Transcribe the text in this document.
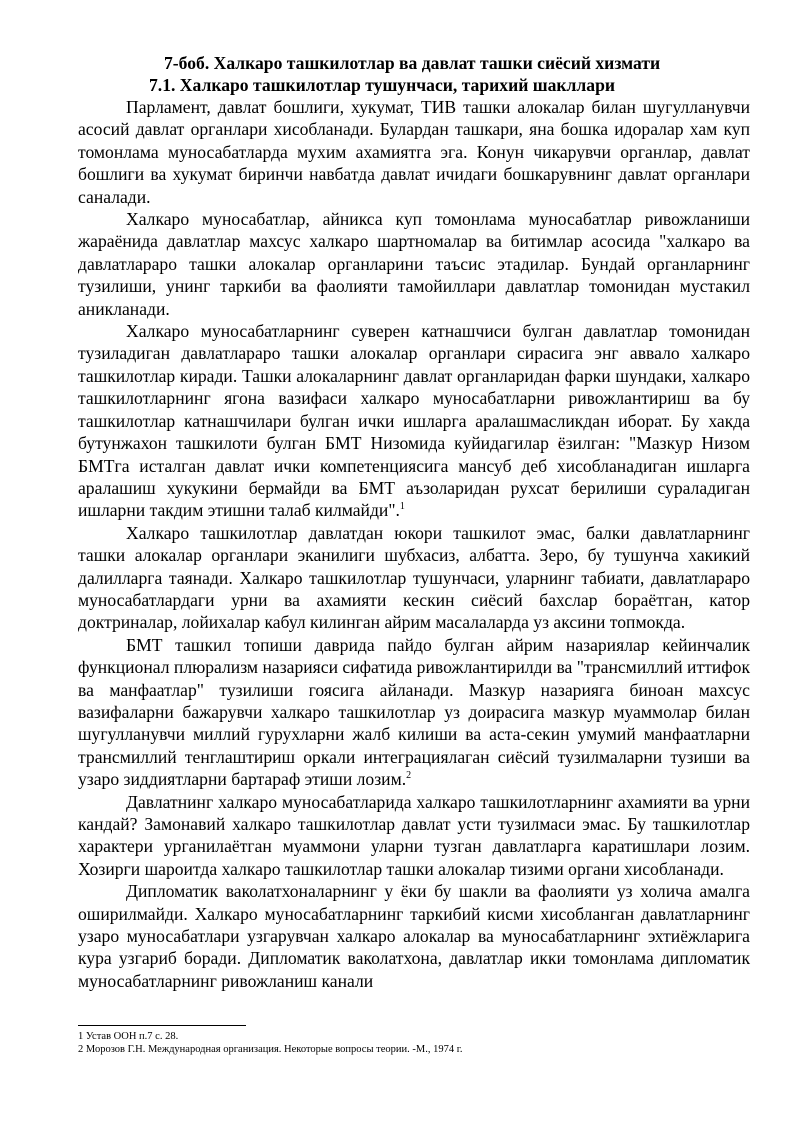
7-боб. Халкаро ташкилотлар ва давлат ташки сиёсий хизмати

7.1. Халкаро ташкилотлар тушунчаси, тарихий шакллари

Парламент, давлат бошлиги, хукумат, ТИВ ташки алокалар билан шугулланувчи асосий давлат органлари хисобланади. Булардан ташкари, яна бошка идоралар хам куп томонлама муносабатларда мухим ахамиятга эга. Конун чикарувчи органлар, давлат бошлиги ва хукумат биринчи навбатда давлат ичидаги бошкарувнинг давлат органлари саналади.

Халкаро муносабатлар, айникса куп томонлама муносабатлар ривожланиши жараёнида давлатлар махсус халкаро шартномалар ва битимлар асосида "халкаро ва давлатлараро ташки алокалар органларини таъсис этадилар. Бундай органларнинг тузилиши, унинг таркиби ва фаолияти тамойиллари давлатлар томонидан мустакил аникланади.

Халкаро муносабатларнинг суверен катнашчиси булган давлатлар томонидан тузиладиган давлатлараро ташки алокалар органлари сирасига энг аввало халкаро ташкилотлар киради. Ташки алокаларнинг давлат органларидан фарки шундаки, халкаро ташкилотларнинг ягона вазифаси халкаро муносабатларни ривожлантириш ва бу ташкилотлар катнашчилари булган ички ишларга аралашмасликдан иборат. Бу хакда бутунжахон ташкилоти булган БМТ Низомида куйидагилар ёзилган: "Мазкур Низом БМТга исталган давлат ички компетенциясига мансуб деб хисобланадиган ишларга аралашиш хукукини бермайди ва БМТ аъзоларидан рухсат берилиши сураладиган ишларни такдим этишни талаб килмайди".$^1$

Халкаро ташкилотлар давлатдан юкори ташкилот эмас, балки давлатларнинг ташки алокалар органлари эканилиги шубхасиз, албатта. Зеро, бу тушунча хакикий далилларга таянади. Халкаро ташкилотлар тушунчаси, уларнинг табиати, давлатлараро муносабатлардаги урни ва ахамияти кескин сиёсий бахслар бораётган, катор доктриналар, лойихалар кабул килинган айрим масалаларда уз аксини топмокда.

БМТ ташкил топиши даврида пайдо булган айрим назариялар кейинчалик функционал плюрализм назарияси сифатида ривожлантирилди ва "трансмиллий иттифок ва манфаатлар" тузилиши гоясига айланади. Мазкур назарияга биноан махсус вазифаларни бажарувчи халкаро ташкилотлар уз доирасига мазкур муаммолар билан шугулланувчи миллий гурухларни жалб килиши ва аста-секин умумий манфаатларни трансмиллий тенглаштириш оркали интеграциялаган сиёсий тузилмаларни тузиши ва узаро зиддиятларни бартараф этиши лозим.$^2$

Давлатнинг халкаро муносабатларида халкаро ташкилотларнинг ахамияти ва урни кандай? Замонавий халкаро ташкилотлар давлат усти тузилмаси эмас. Бу ташкилотлар характери урганилаётган муаммони уларни тузган давлатларга каратишлари лозим. Хозирги шароитда халкаро ташкилотлар ташки алокалар тизими органи хисобланади.

Дипломатик ваколатхоналарнинг у ёки бу шакли ва фаолияти уз холича амалга оширилмайди. Халкаро муносабатларнинг таркибий кисми хисобланган давлатларнинг узаро муносабатлари узгарувчан халкаро алокалар ва муносабатларнинг эхтиёжларига кура узгариб боради. Дипломатик ваколатхона, давлатлар икки томонлама дипломатик муносабатларнинг ривожланиш канали

1 Устав ООН п.7 с. 28.

2 Морозов Г.Н. Международная организация. Некоторые вопросы теории. -М., 1974 г.
